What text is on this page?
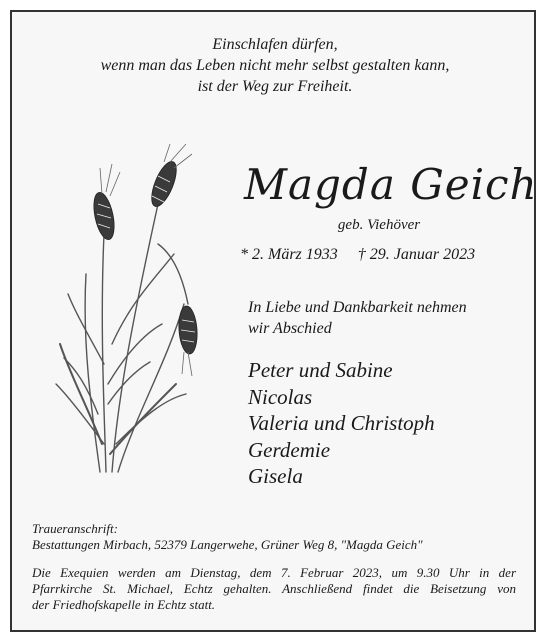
Einschlafen dürfen,
wenn man das Leben nicht mehr selbst gestalten kann,
ist der Weg zur Freiheit.
Magda Geich
geb. Viehöver
* 2. März 1933 † 29. Januar 2023
In Liebe und Dankbarkeit nehmen
wir Abschied
Peter und Sabine
Nicolas
Valeria und Christoph
Gerdemie
Gisela
Traueranschrift:
Bestattungen Mirbach, 52379 Langerwehe, Grüner Weg 8, "Magda Geich"
Die Exequien werden am Dienstag, dem 7. Februar 2023, um 9.30 Uhr in der
Pfarrkirche St. Michael, Echtz gehalten. Anschließend findet die Beisetzung von
der Friedhofskapelle in Echtz statt.
